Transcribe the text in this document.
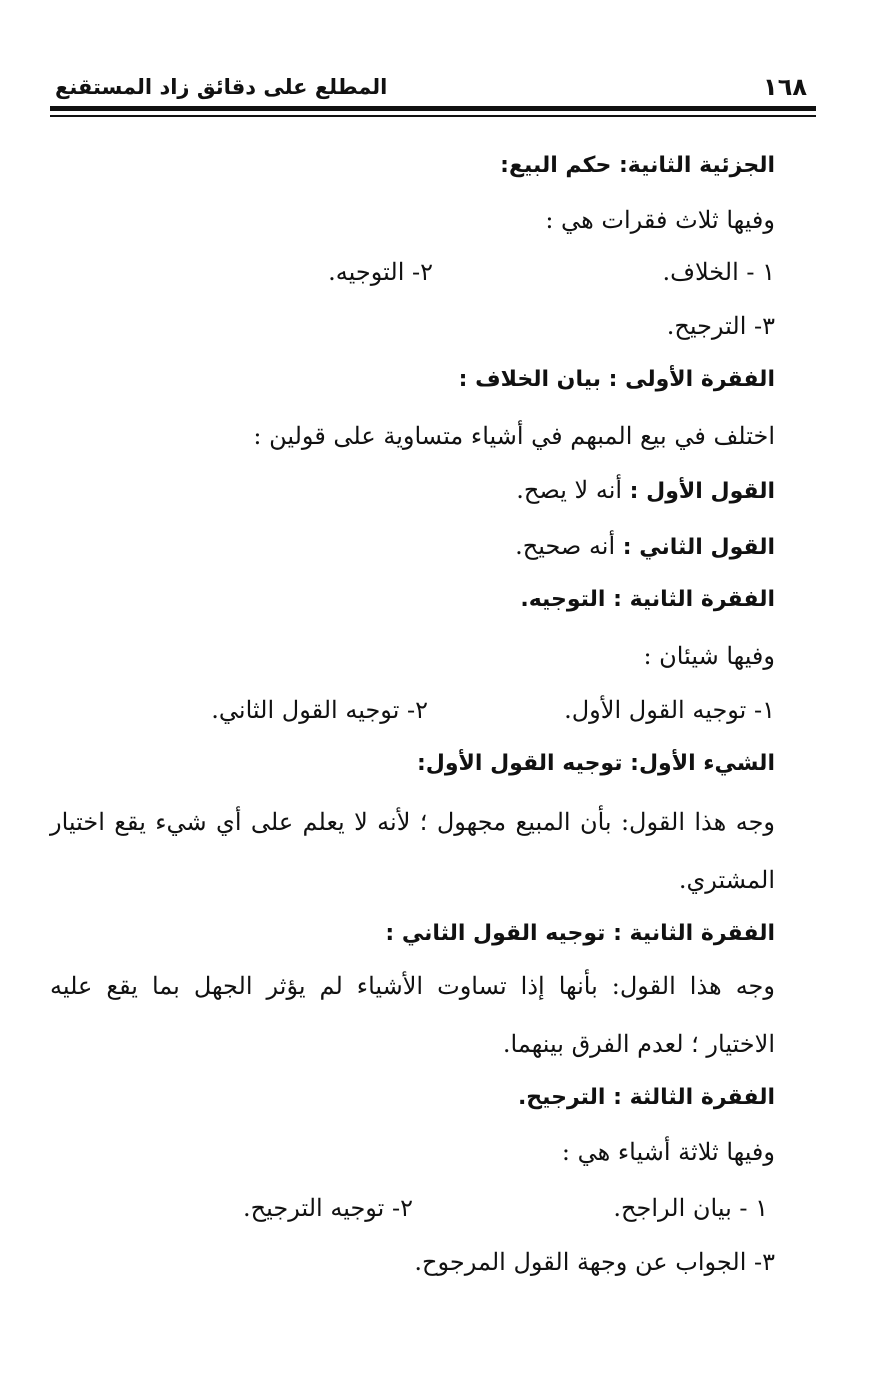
١٦٨
المطلع على دقائق زاد المستقنع
الجزئية الثانية: حكم البيع:
وفيها ثلاث فقرات هي :
١ - الخلاف.
٢- التوجيه.
٣- الترجيح.
الفقرة الأولى : بيان الخلاف :
اختلف في بيع المبهم في أشياء متساوية على قولين :
القول الأول : أنه لا يصح.
القول الثاني : أنه صحيح.
الفقرة الثانية : التوجيه.
وفيها شيئان :
١- توجيه القول الأول.
٢- توجيه القول الثاني.
الشيء الأول: توجيه القول الأول:
وجه هذا القول: بأن المبيع مجهول ؛ لأنه لا يعلم على أي شيء يقع اختيار
المشتري.
الفقرة الثانية : توجيه القول الثاني :
وجه هذا القول: بأنها إذا تساوت الأشياء لم يؤثر الجهل بما يقع عليه
الاختيار ؛ لعدم الفرق بينهما.
الفقرة الثالثة : الترجيح.
وفيها ثلاثة أشياء هي :
١ - بيان الراجح.
٢- توجيه الترجيح.
٣- الجواب عن وجهة القول المرجوح.
